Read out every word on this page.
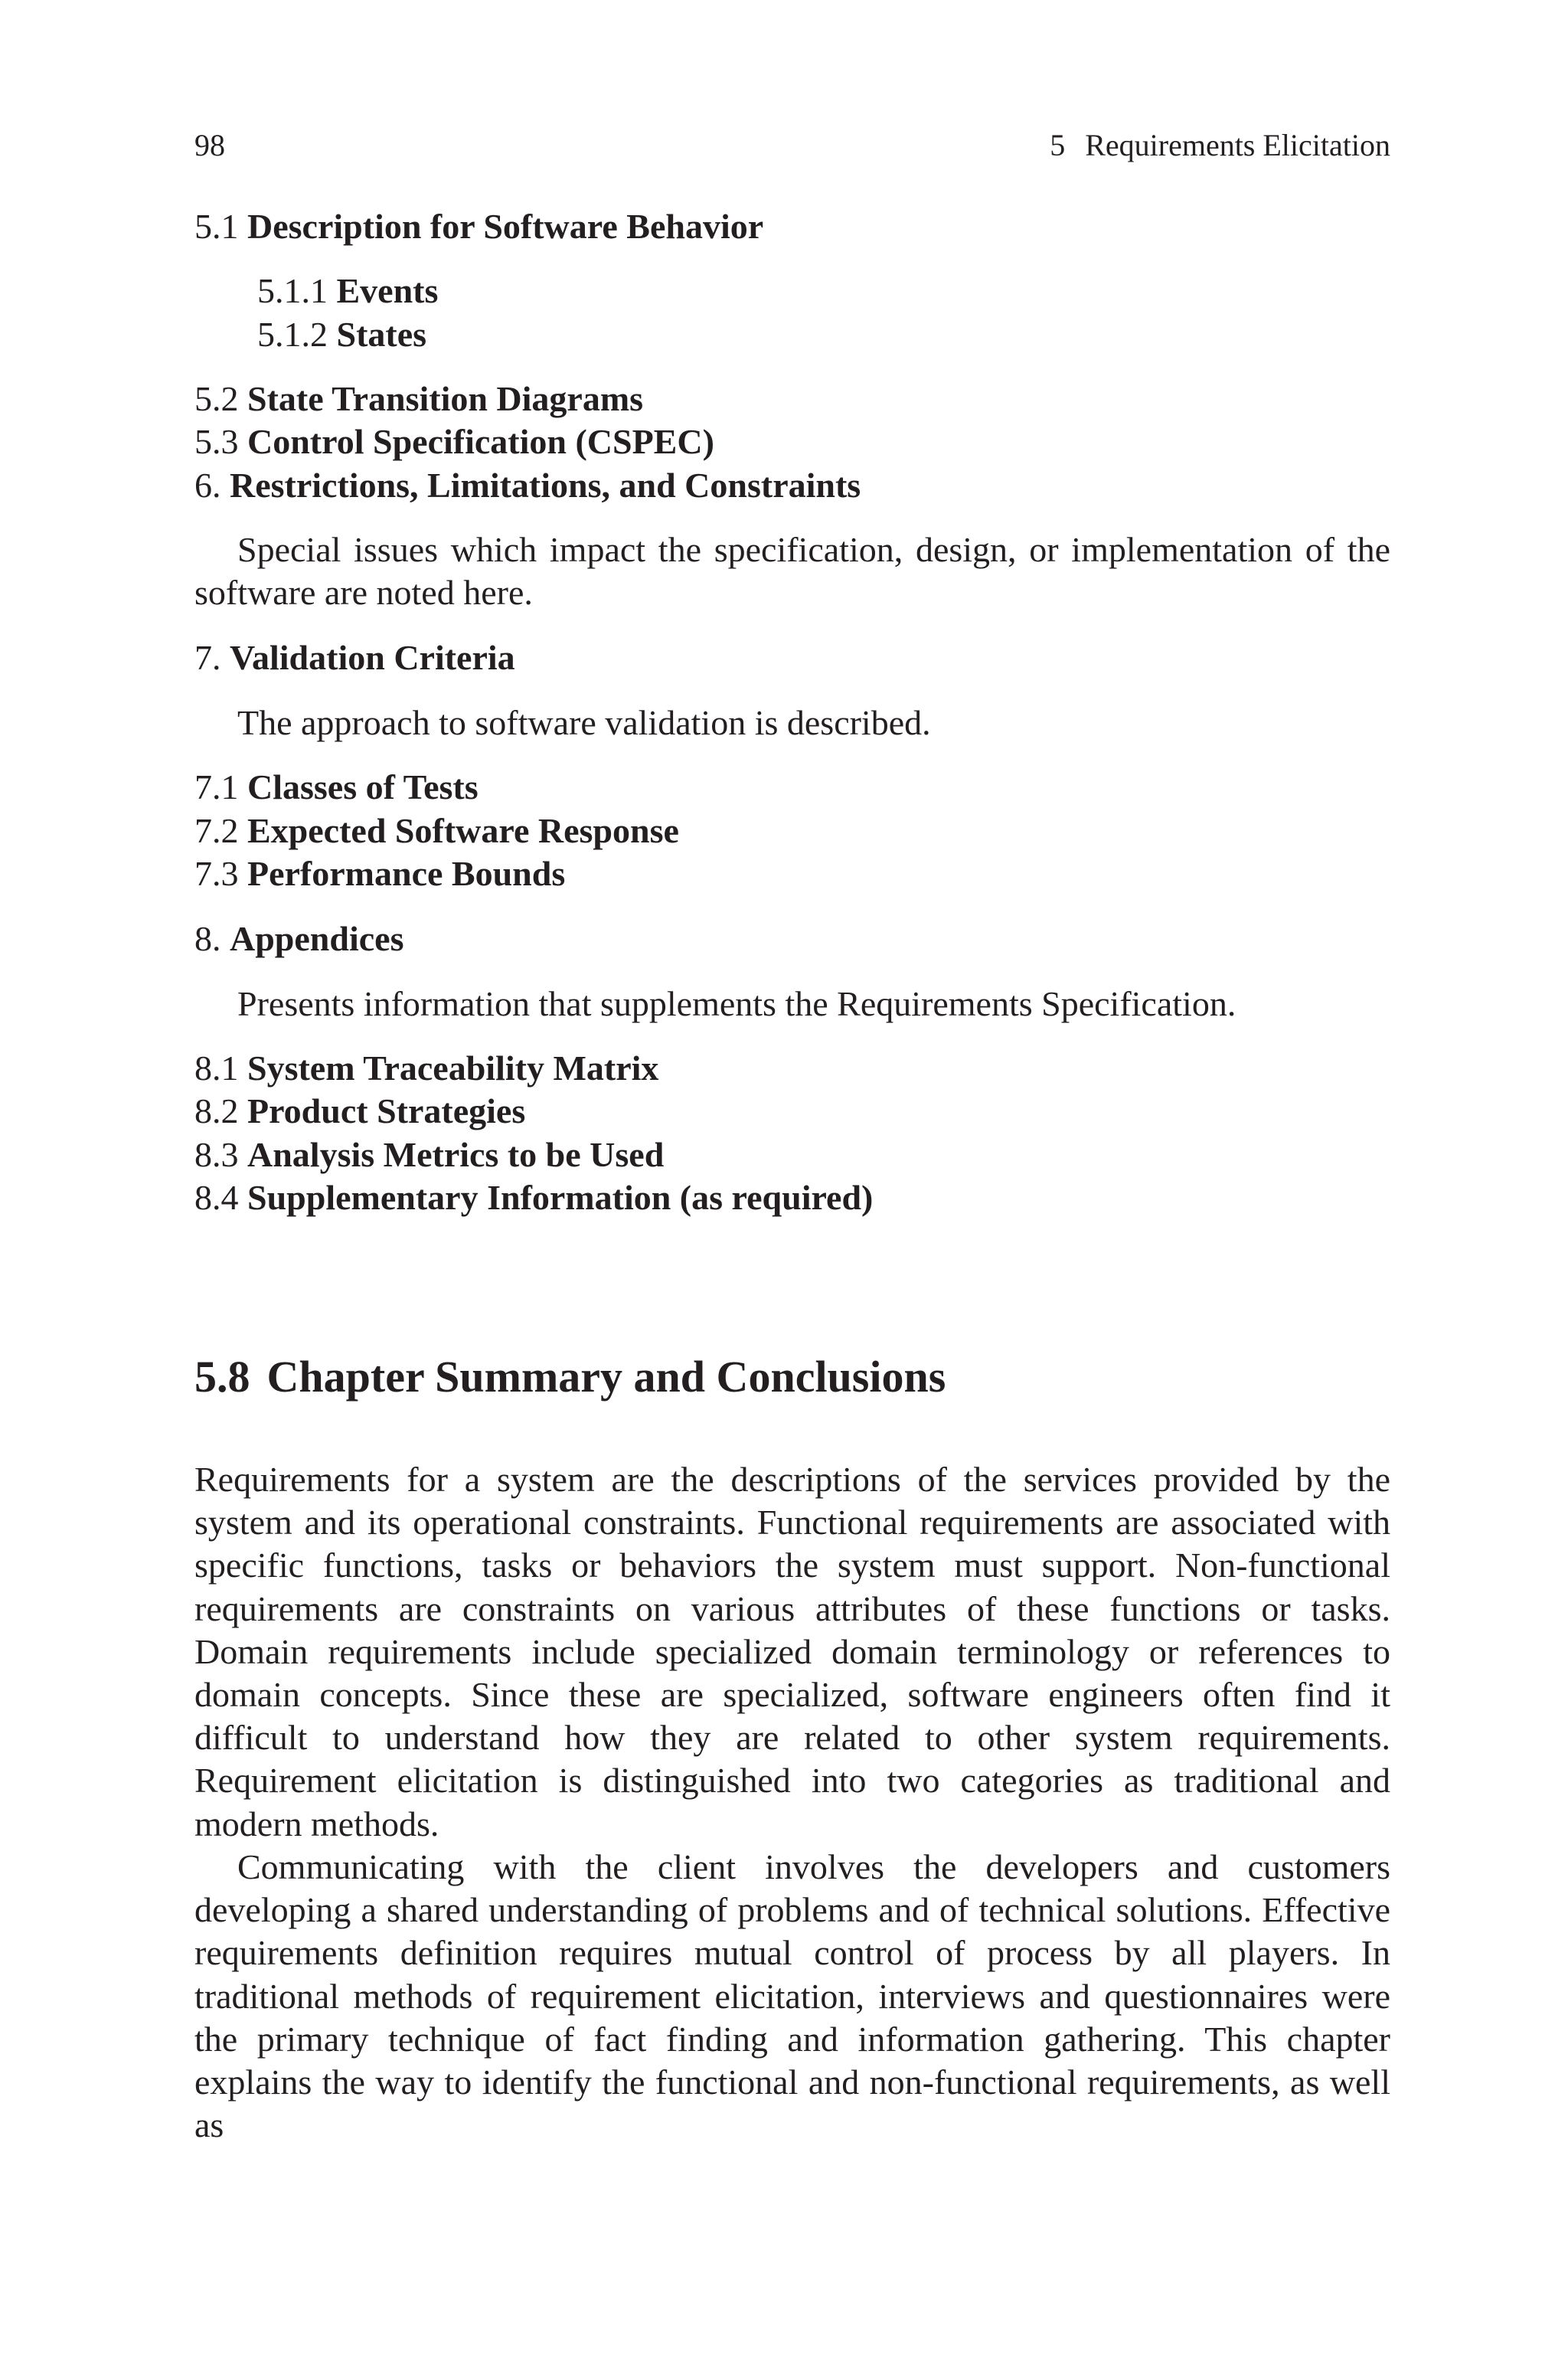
98	5 Requirements Elicitation
5.1 Description for Software Behavior
5.1.1 Events
5.1.2 States
5.2 State Transition Diagrams
5.3 Control Specification (CSPEC)
6. Restrictions, Limitations, and Constraints

Special issues which impact the specification, design, or implementation of the software are noted here.

7. Validation Criteria

The approach to software validation is described.

7.1 Classes of Tests
7.2 Expected Software Response
7.3 Performance Bounds
8. Appendices

Presents information that supplements the Requirements Specification.

8.1 System Traceability Matrix
8.2 Product Strategies
8.3 Analysis Metrics to be Used
8.4 Supplementary Information (as required)
5.8 Chapter Summary and Conclusions

Requirements for a system are the descriptions of the services provided by the system and its operational constraints. Functional requirements are associated with specific functions, tasks or behaviors the system must support. Non-functional requirements are constraints on various attributes of these functions or tasks. Domain requirements include specialized domain terminology or references to domain concepts. Since these are specialized, software engineers often find it difficult to understand how they are related to other system requirements. Requirement elicitation is distinguished into two categories as traditional and modern methods.

Communicating with the client involves the developers and customers developing a shared understanding of problems and of technical solutions. Effective requirements definition requires mutual control of process by all players. In traditional methods of requirement elicitation, interviews and questionnaires were the primary technique of fact finding and information gathering. This chapter explains the way to identify the functional and non-functional requirements, as well as
